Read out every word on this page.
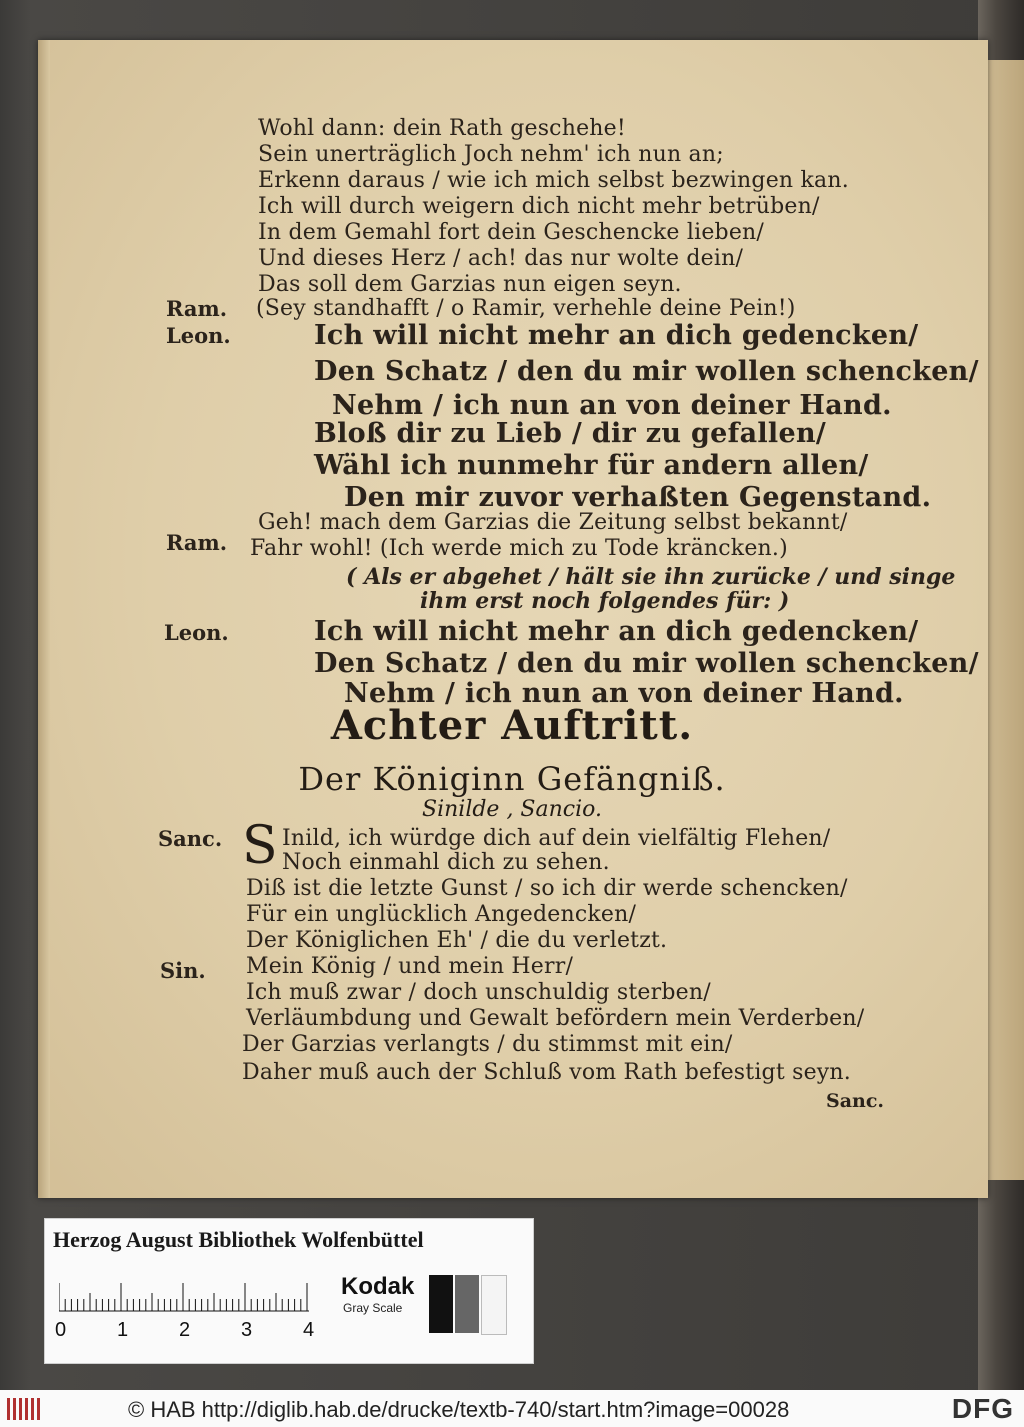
Wohl dann: dein Rath geschehe!
Sein unerträglich Joch nehm' ich nun an;
Erkenn daraus / wie ich mich selbst bezwingen kan.
Ich will durch weigern dich nicht mehr betrüben/
In dem Gemahl fort dein Geschencke lieben/
Und dieses Herz / ach! das nur wolte dein/
Das soll dem Garzias nun eigen seyn.
Ram. (Sey standhafft / o Ramir, verhehle deine Pein!)
Leon.	Ich will nicht mehr an dich gedencken/
Den Schatz / den du mir wollen schencken/
Nehm / ich nun an von deiner Hand.
Bloß dir zu Lieb / dir zu gefallen/
Wähl ich nunmehr für andern allen/
Den mir zuvor verhaßten Gegenstand.
Geh! mach dem Garzias die Zeitung selbst bekannt/
Ram. Fahr wohl! (Ich werde mich zu Tode kräncken.)
( Als er abgehet / hält sie ihn zurücke / und singe
ihm erst noch folgendes für: )
Leon.	Ich will nicht mehr an dich gedencken/
Den Schatz / den du mir wollen schencken/
Nehm / ich nun an von deiner Hand.
Achter Auftritt.
Der Königinn Gefängniß.
Sinilde , Sancio.
Sanc. S Inild, ich würdge dich auf dein vielfältig Flehen/
Noch einmahl dich zu sehen.
Diß ist die letzte Gunst / so ich dir werde schencken/
Für ein unglücklich Angedencken/
Der Königlichen Eh' / die du verletzt.
Sin. Mein König / und mein Herr/
Ich muß zwar / doch unschuldig sterben/
Verläumbdung und Gewalt befördern mein Verderben/
Der Garzias verlangts / du stimmst mit ein/
Daher muß auch der Schluß vom Rath befestigt seyn.
Sanc.
Herzog August Bibliothek Wolfenbüttel
0	1	2	3	4
Kodak
Gray Scale
© HAB http://diglib.hab.de/drucke/textb-740/start.htm?image=00028	DFG
